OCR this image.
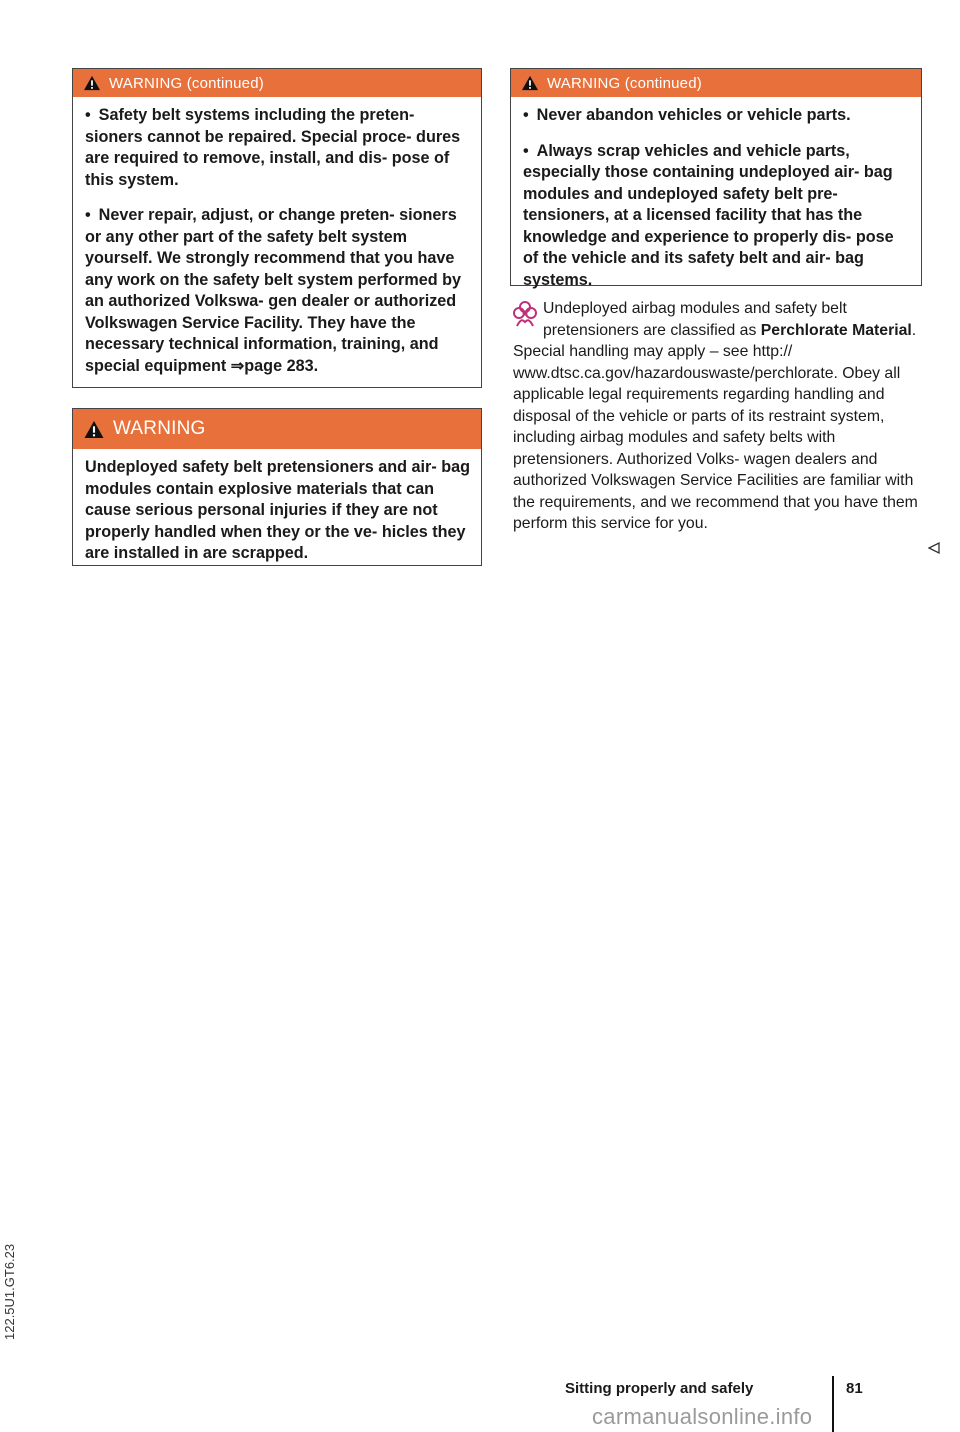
WARNING (continued)

• Safety belt systems including the preten- sioners cannot be repaired. Special proce- dures are required to remove, install, and dis- pose of this system.

• Never repair, adjust, or change preten- sioners or any other part of the safety belt system yourself. We strongly recommend that you have any work on the safety belt system performed by an authorized Volkswa- gen dealer or authorized Volkswagen Service Facility. They have the necessary technical information, training, and special equipment ⇒page 283.

WARNING

Undeployed safety belt pretensioners and air- bag modules contain explosive materials that can cause serious personal injuries if they are not properly handled when they or the ve- hicles they are installed in are scrapped.

WARNING (continued)

• Never abandon vehicles or vehicle parts.

• Always scrap vehicles and vehicle parts, especially those containing undeployed air- bag modules and undeployed safety belt pre- tensioners, at a licensed facility that has the knowledge and experience to properly dis- pose of the vehicle and its safety belt and air- bag systems.

Undeployed airbag modules and safety belt pretensioners are classified as Perchlorate Material. Special handling may apply – see http:// www.dtsc.ca.gov/hazardouswaste/perchlorate. Obey all applicable legal requirements regarding handling and disposal of the vehicle or parts of its restraint system, including airbag modules and safety belts with pretensioners. Authorized Volks- wagen dealers and authorized Volkswagen Service Facilities are familiar with the requirements, and we recommend that you have them perform this service for you.
122.5U1.GT6.23
Sitting properly and safely	81
carmanualsonline.info
